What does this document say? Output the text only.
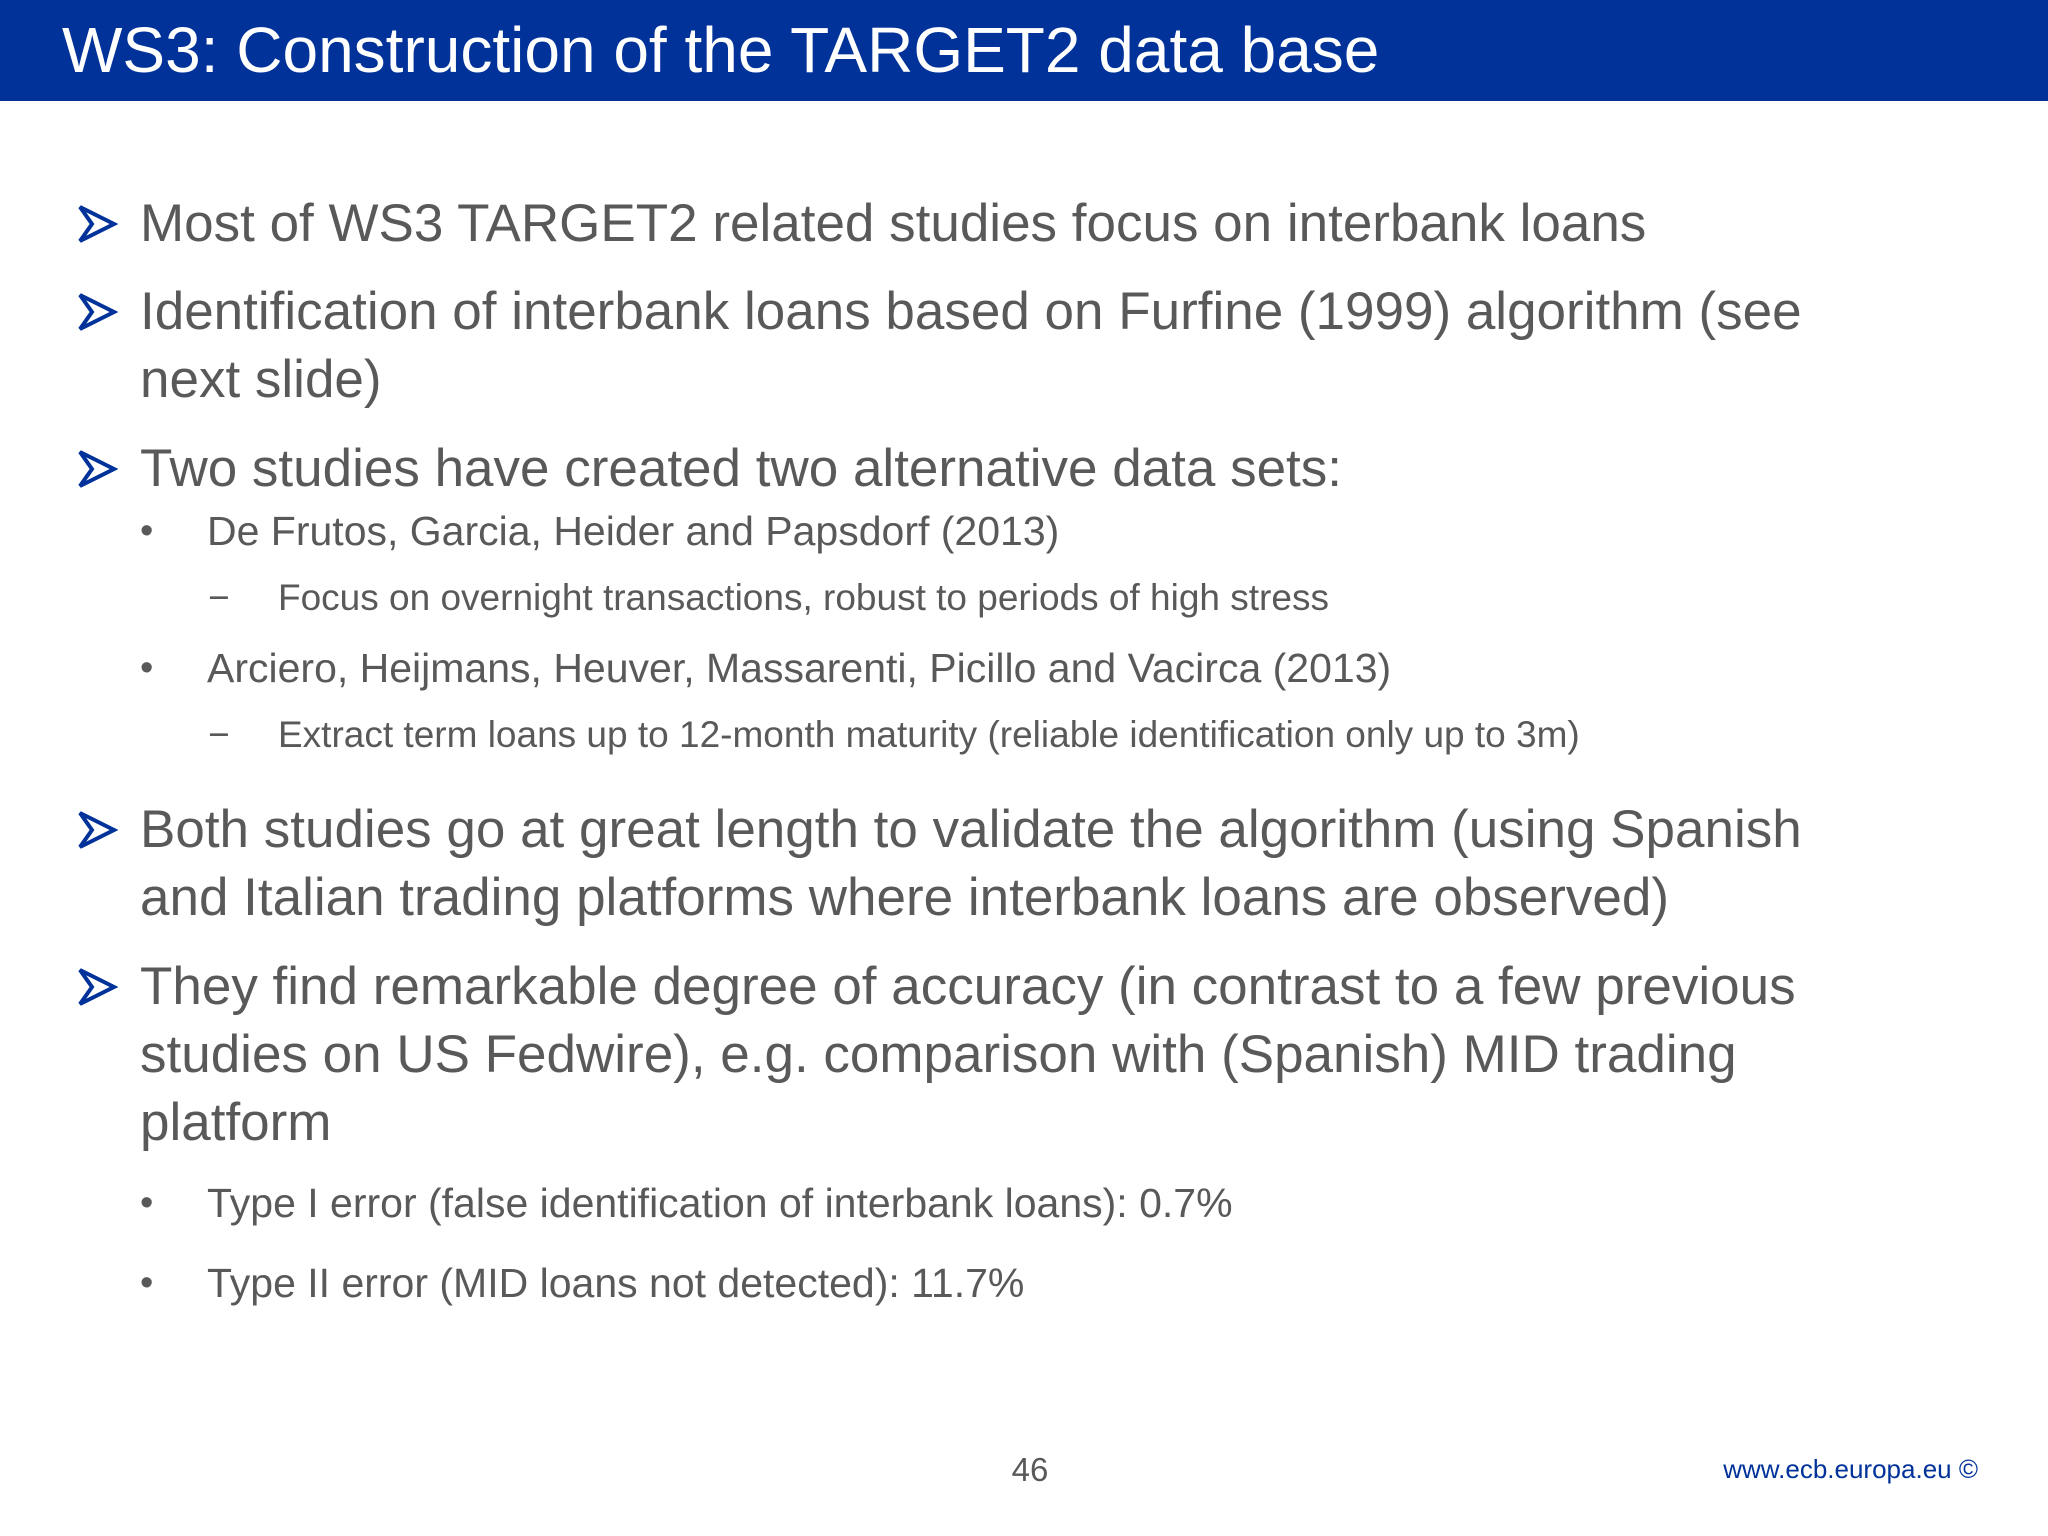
WS3: Construction of the TARGET2 data base
Most of WS3 TARGET2 related studies focus on interbank loans
Identification of interbank loans based on Furfine (1999) algorithm (see
next slide)
Two studies have created two alternative data sets:
• De Frutos, Garcia, Heider and Papsdorf (2013)
− Focus on overnight transactions, robust to periods of high stress
• Arciero, Heijmans, Heuver, Massarenti, Picillo and Vacirca (2013)
− Extract term loans up to 12-month maturity (reliable identification only up to 3m)
Both studies go at great length to validate the algorithm (using Spanish
and Italian trading platforms where interbank loans are observed)
They find remarkable degree of accuracy (in contrast to a few previous
studies on US Fedwire), e.g. comparison with (Spanish) MID trading
platform
• Type I error (false identification of interbank loans): 0.7%
• Type II error (MID loans not detected): 11.7%
46	www.ecb.europa.eu ©
